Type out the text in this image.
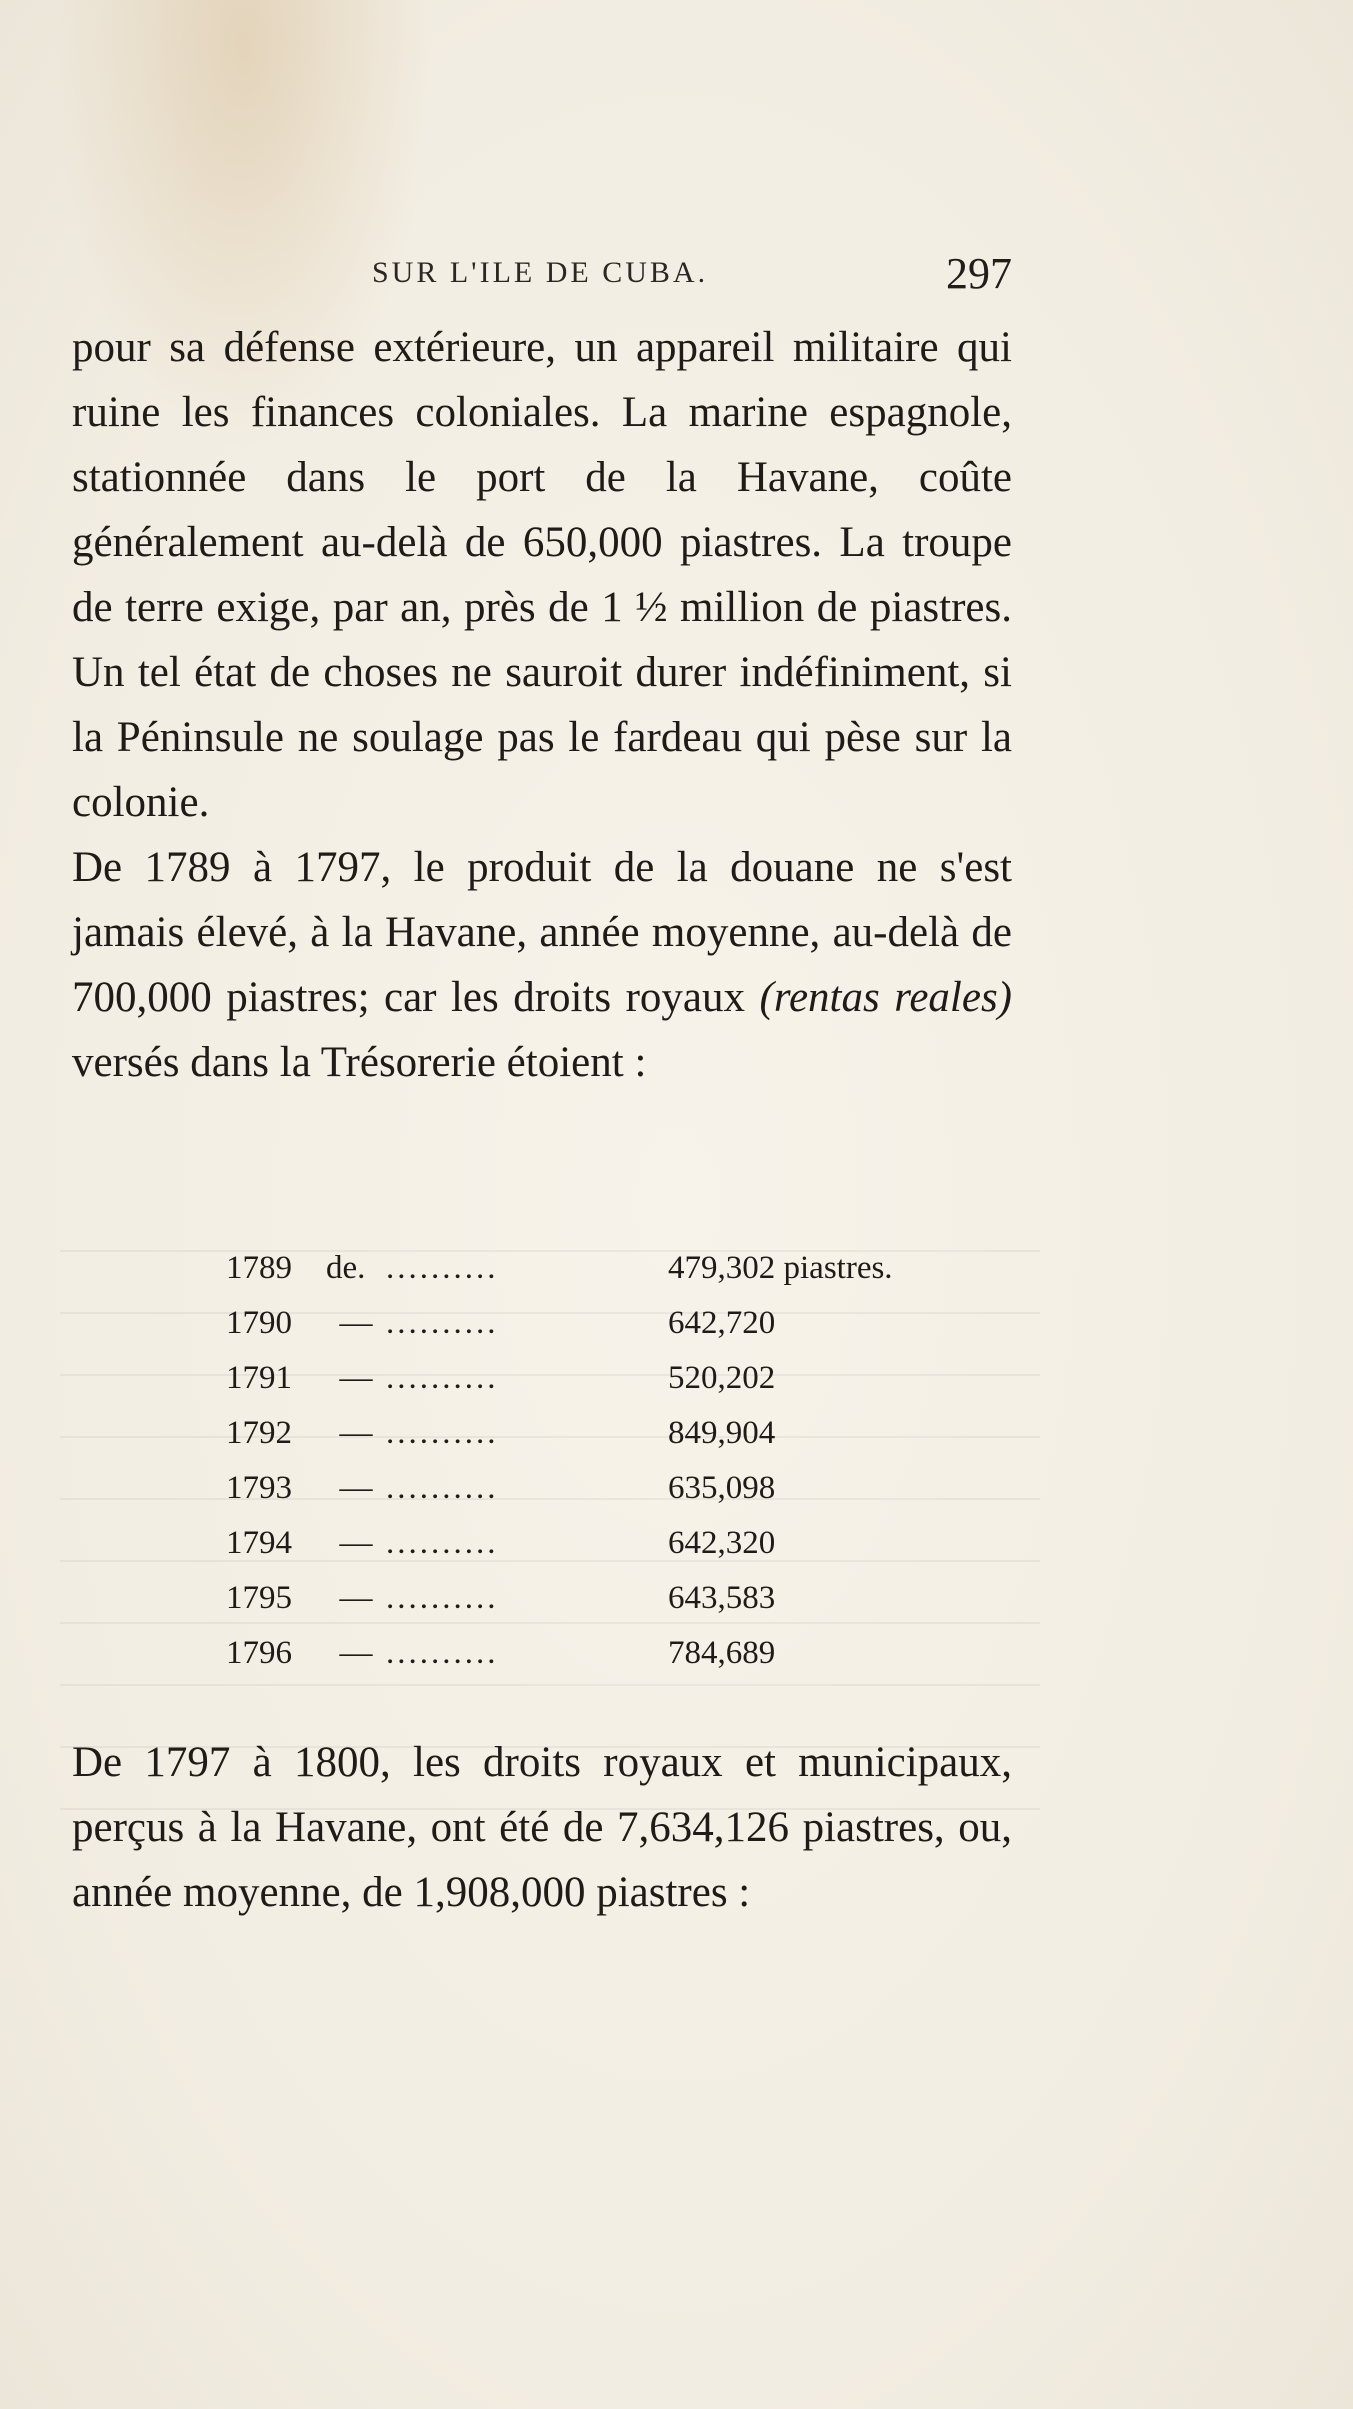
SUR L'ILE DE CUBA.	297

pour sa défense extérieure, un appareil militaire qui ruine les finances coloniales. La marine espagnole, stationnée dans le port de la Havane, coûte généralement au-delà de 650,000 piastres. La troupe de terre exige, par an, près de 1 ½ million de piastres. Un tel état de choses ne sauroit durer indéfiniment, si la Péninsule ne soulage pas le fardeau qui pèse sur la colonie.

De 1789 à 1797, le produit de la douane ne s'est jamais élevé, à la Havane, année moyenne, au-delà de 700,000 piastres; car les droits royaux (rentas reales) versés dans la Trésorerie étoient :

1789	de. ..........	479,302 piastres.
1790	— ..........	642,720
1791	— ..........	520,202
1792	— ..........	849,904
1793	— ..........	635,098
1794	— ..........	642,320
1795	— ..........	643,583
1796	— ..........	784,689

De 1797 à 1800, les droits royaux et municipaux, perçus à la Havane, ont été de 7,634,126 piastres, ou, année moyenne, de 1,908,000 piastres :
